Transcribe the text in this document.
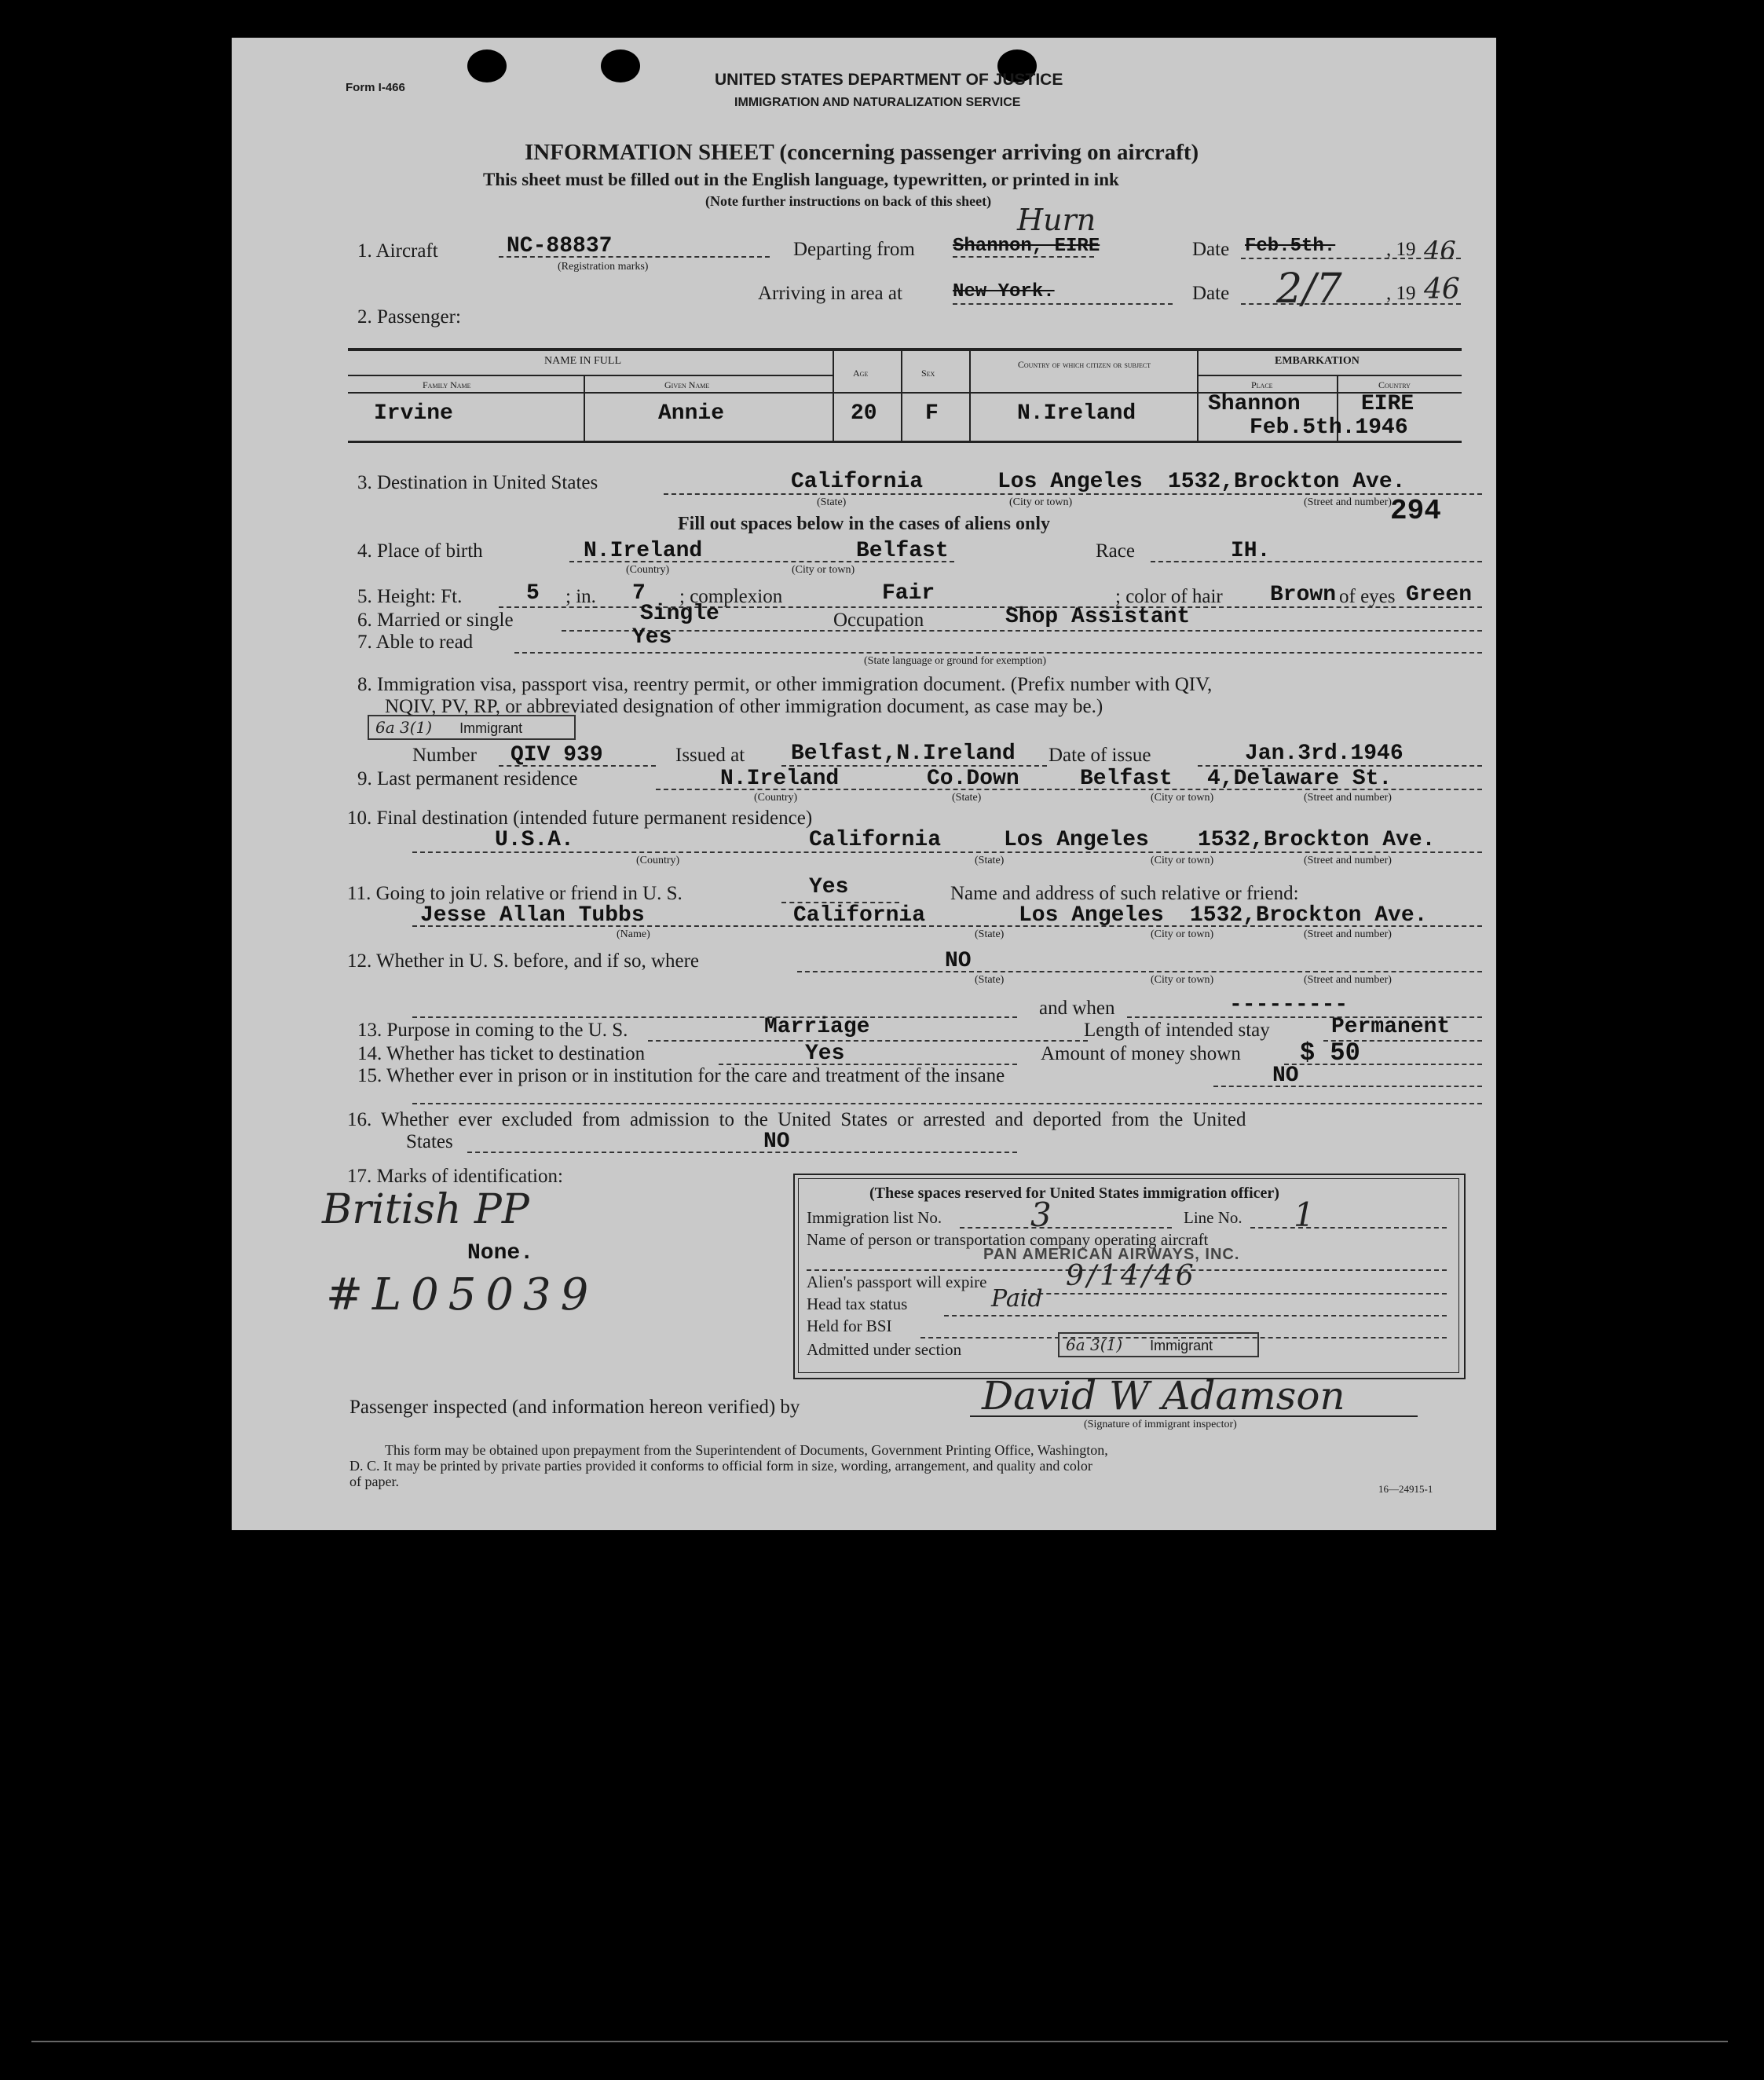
Form I-466	UNITED STATES DEPARTMENT OF JUSTICE
IMMIGRATION AND NATURALIZATION SERVICE
INFORMATION SHEET (concerning passenger arriving on aircraft)
This sheet must be filled out in the English language, typewritten, or printed in ink
(Note further instructions on back of this sheet)
1. Aircraft	NC-88837
(Registration marks)
Departing from Shannon, EIRE
Hurn
Date Feb.5th.	, 19 46
Arriving in area at	New York.	Date 2/7 , 19 46
2. Passenger:
NAME IN FULL
Family Name	Given Name
Age	Sex
Country of which citizen or subject	EMBARKATION
Place	Country
Irvine	Annie	20 F	N.Ireland	Shannon	EIRE
Feb.5th.1946
3. Destination in United States	California	Los Angeles 1532,Brockton Ave.
294
(State)	(City or town)	(Street and number)
Fill out spaces below in the cases of aliens only
4. Place of birth	N.Ireland	Belfast
(Country)	(City or town)
Race	IH.
5. Height: Ft.	5 ; in. 7 ; complexion	Fair	; color of hair Brown of eyes Green
6. Married or single	Single	Occupation	Shop Assistant
7. Able to read	Yes
(State language or ground for exemption)
8. Immigration visa, passport visa, reentry permit, or other immigration document. (Prefix number with QIV,
NQIV, PV, RP, or abbreviated designation of other immigration document, as case may be.)
6a 3(1) Immigrant
Number QIV 939	Issued at Belfast,N.Ireland Date of issue	Jan.3rd.1946
9. Last permanent residence	N.Ireland	Co.Down	Belfast 4,Delaware St.
(Country)	(State)	(City or town)	(Street and number)
10. Final destination (intended future permanent residence)
U.S.A.	California	Los Angeles 1532,Brockton Ave.
(Country)	(State)	(City or town)	(Street and number)
11. Going to join relative or friend in U. S.	Yes	Name and address of such relative or friend:
Jesse Allan Tubbs	California	Los Angeles 1532,Brockton Ave.
(Name)	(State)	(City or town)	(Street and number)
12. Whether in U. S. before, and if so, where	NO
(State)	(City or town)	(Street and number)
and when	---------
13. Purpose in coming to the U. S.	Marriage	Length of intended stay	Permanent
14. Whether has ticket to destination	Yes	Amount of money shown $ 50
15. Whether ever in prison or in institution for the care and treatment of the insane	NO
16. Whether ever excluded from admission to the United States or arrested and deported from the United
States	NO
17. Marks of identification:
British PP
None.
#L05039
(These spaces reserved for United States immigration officer)
Immigration list No.	3	Line No. 1
Name of person or transportation company operating aircraft
PAN AMERICAN AIRWAYS, INC.
Alien's passport will expire	9/14/46
Head tax status	Paid
Held for BSI
Admitted under section	6a 3(1) Immigrant
Passenger inspected (and information hereon verified) by	David W Adamson
(Signature of immigrant inspector)
This form may be obtained upon prepayment from the Superintendent of Documents, Government Printing Office, Washington,
D. C. It may be printed by private parties provided it conforms to official form in size, wording, arrangement, and quality and color
of paper.	16—24915-1
